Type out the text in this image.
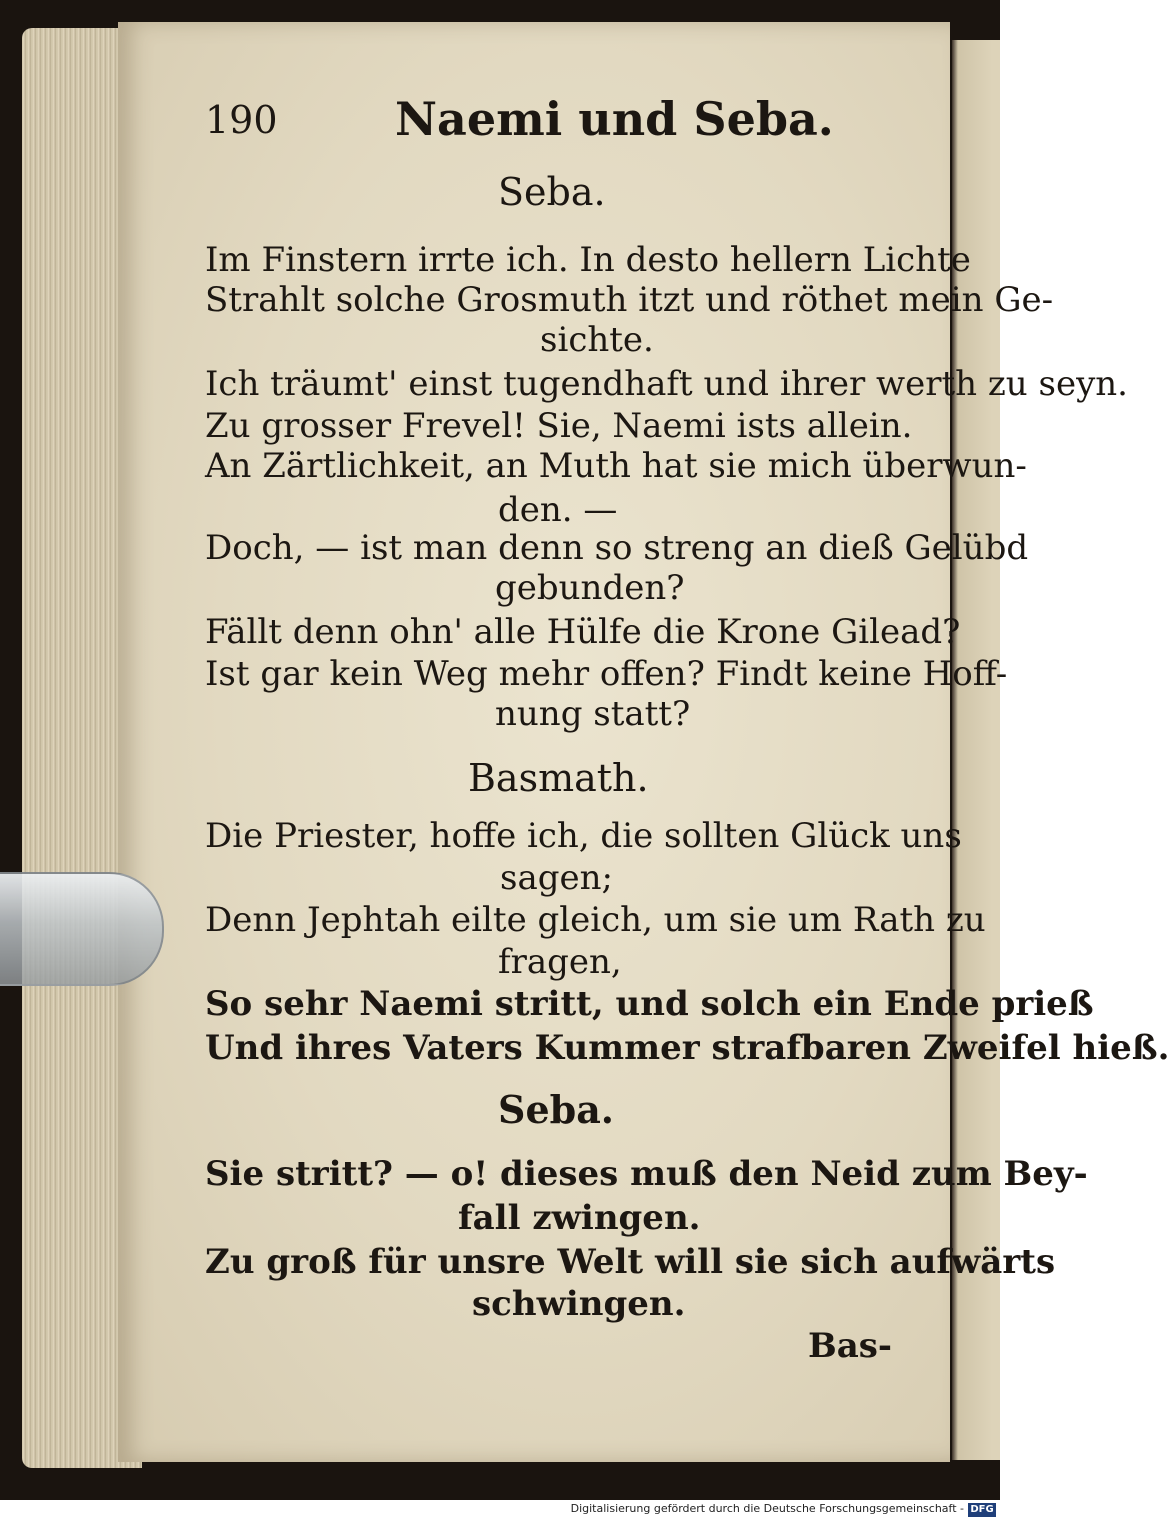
190	Naemi und Seba.
Seba.
Im Finstern irrte ich. In desto hellern Lichte
Strahlt solche Grosmuth itzt und röthet mein Ge-
sichte.
Ich träumt' einst tugendhaft und ihrer werth zu seyn.
Zu grosser Frevel! Sie, Naemi ists allein.
An Zärtlichkeit, an Muth hat sie mich überwun-
den. —
Doch, — ist man denn so streng an dieß Gelübd
gebunden?
Fällt denn ohn' alle Hülfe die Krone Gilead?
Ist gar kein Weg mehr offen? Findt keine Hoff-
nung statt?
Basmath.
Die Priester, hoffe ich, die sollten Glück uns
sagen;
Denn Jephtah eilte gleich, um sie um Rath zu
fragen,
So sehr Naemi stritt, und solch ein Ende prieß
Und ihres Vaters Kummer strafbaren Zweifel hieß.
Seba.
Sie stritt? — o! dieses muß den Neid zum Bey-
fall zwingen.
Zu groß für unsre Welt will sie sich aufwärts
schwingen.
Bas-
Digitalisierung gefördert durch die Deutsche Forschungsgemeinschaft - DFG
